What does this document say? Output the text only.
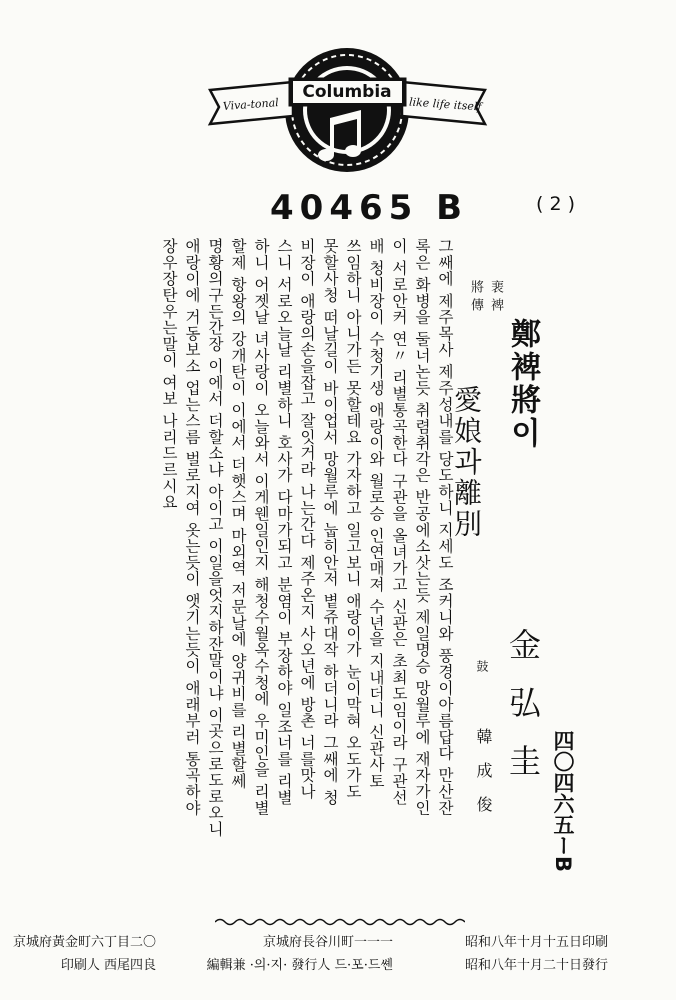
Columbia
Viva-tonal	like life itself
40465 B	( 2 )
裵裨
將傳
鄭裨將이
愛娘과離別
金弘圭
鼓
韓成俊	四〇四六五ーB
그쌔에 제주목사 제주성내를 당도하니 지세도 조커니와 풍경이아름답다 만산잔
록은 화병을 둘너논듯 취렴취각은 반공에소삿는듯 제일명승 망월루에 재자가인
이 서로안커 연〃 리별통곡한다 구관을 올녀가고 신관은 초최도임이라 구관선
배 청비장이 수청기생 애랑이와 월로승 인연매져 수년을 지내더니 신관사토
쓰임하니 아니가든 못할테요 가자하고 일고보니 애랑이가 눈이막혀 오도가도
못할사청 떠날길이 바이업서 망월루에 눕히안저 볕쥬대작 하더니라 그쌔에 청
비장이 애랑의손을잡고 잘잇거라 나는간다 제주온지 사오년에 방촌 너를맛나
스니 서로오늘날 리별하니 호사가 다마가되고 분염이 부장하야 일조너를 리별
하니 어젯날 녀사랑이 오늘와서 이게웬일인지 해청수월옥수청에 우미인을 리별
할제 항왕의 강개탄이 이에서 더햇스며 마외역 저문날에 양귀비를 리별할쎄
명황의구든간장 이에서 더할소냐 아이고 이일을엇지하잔말이냐 이곳으로도로오니
애랑이에 거동보소 업는스름 벌로지여 옷는듯이 앳기는듯이 애래부러 통곡하야
장우장탄우는말이 여보 나리드르시요
昭和八年十月十五日印刷
昭和八年十月二十日發行
京城府長谷川町一一一
編輯兼 ·의·지· 發行人 드·포·드쏀
京城府黃金町六丁目二〇
印刷人 西尾四良
